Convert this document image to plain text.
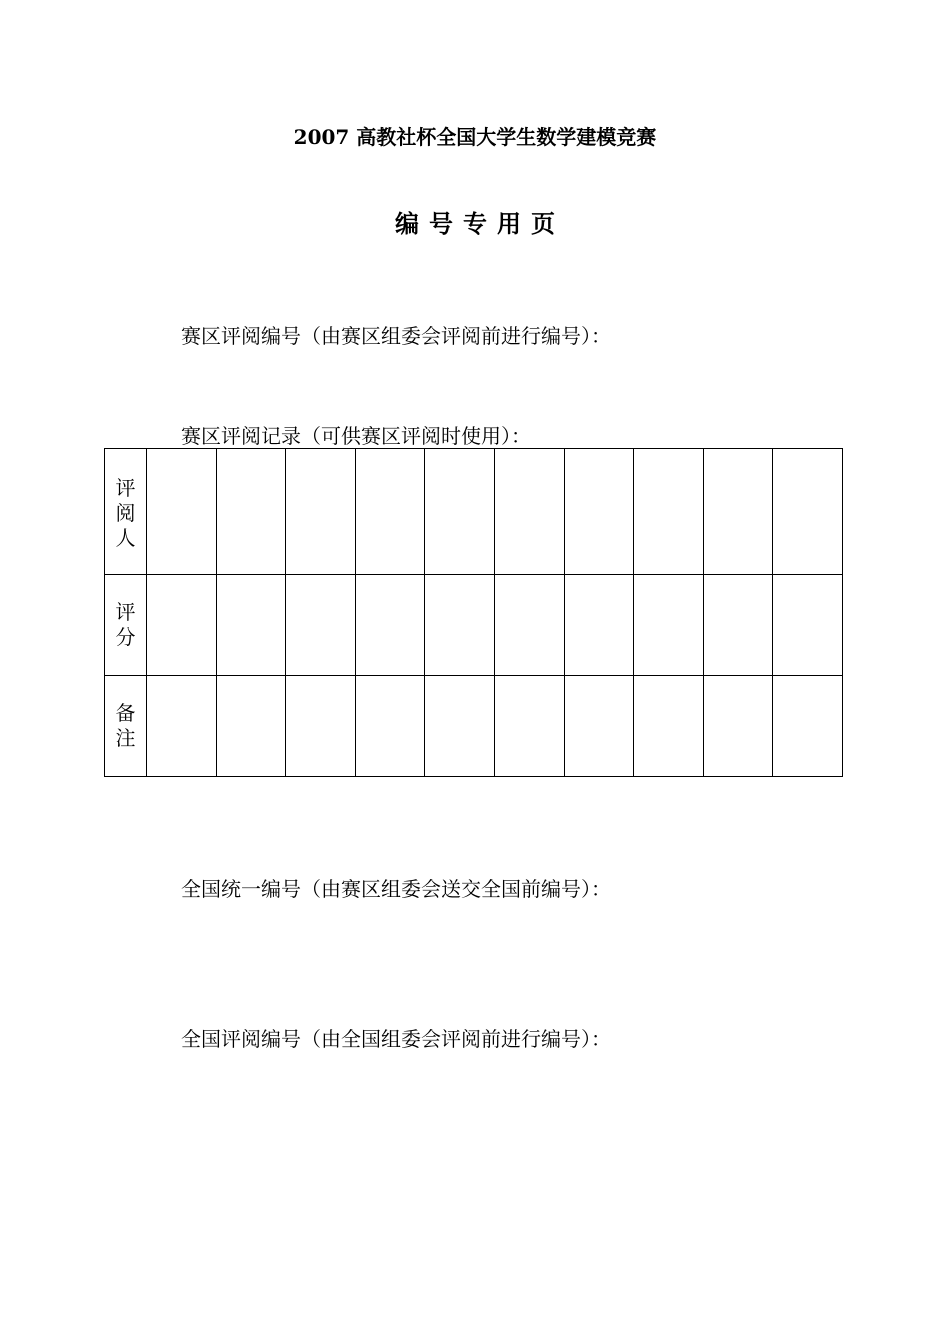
2007 高教社杯全国大学生数学建模竞赛
编号专用页
赛区评阅编号（由赛区组委会评阅前进行编号）：
赛区评阅记录（可供赛区评阅时使用）：
评
阅
人										

评
分										

备
注										

全国统一编号（由赛区组委会送交全国前编号）：
全国评阅编号（由全国组委会评阅前进行编号）：
